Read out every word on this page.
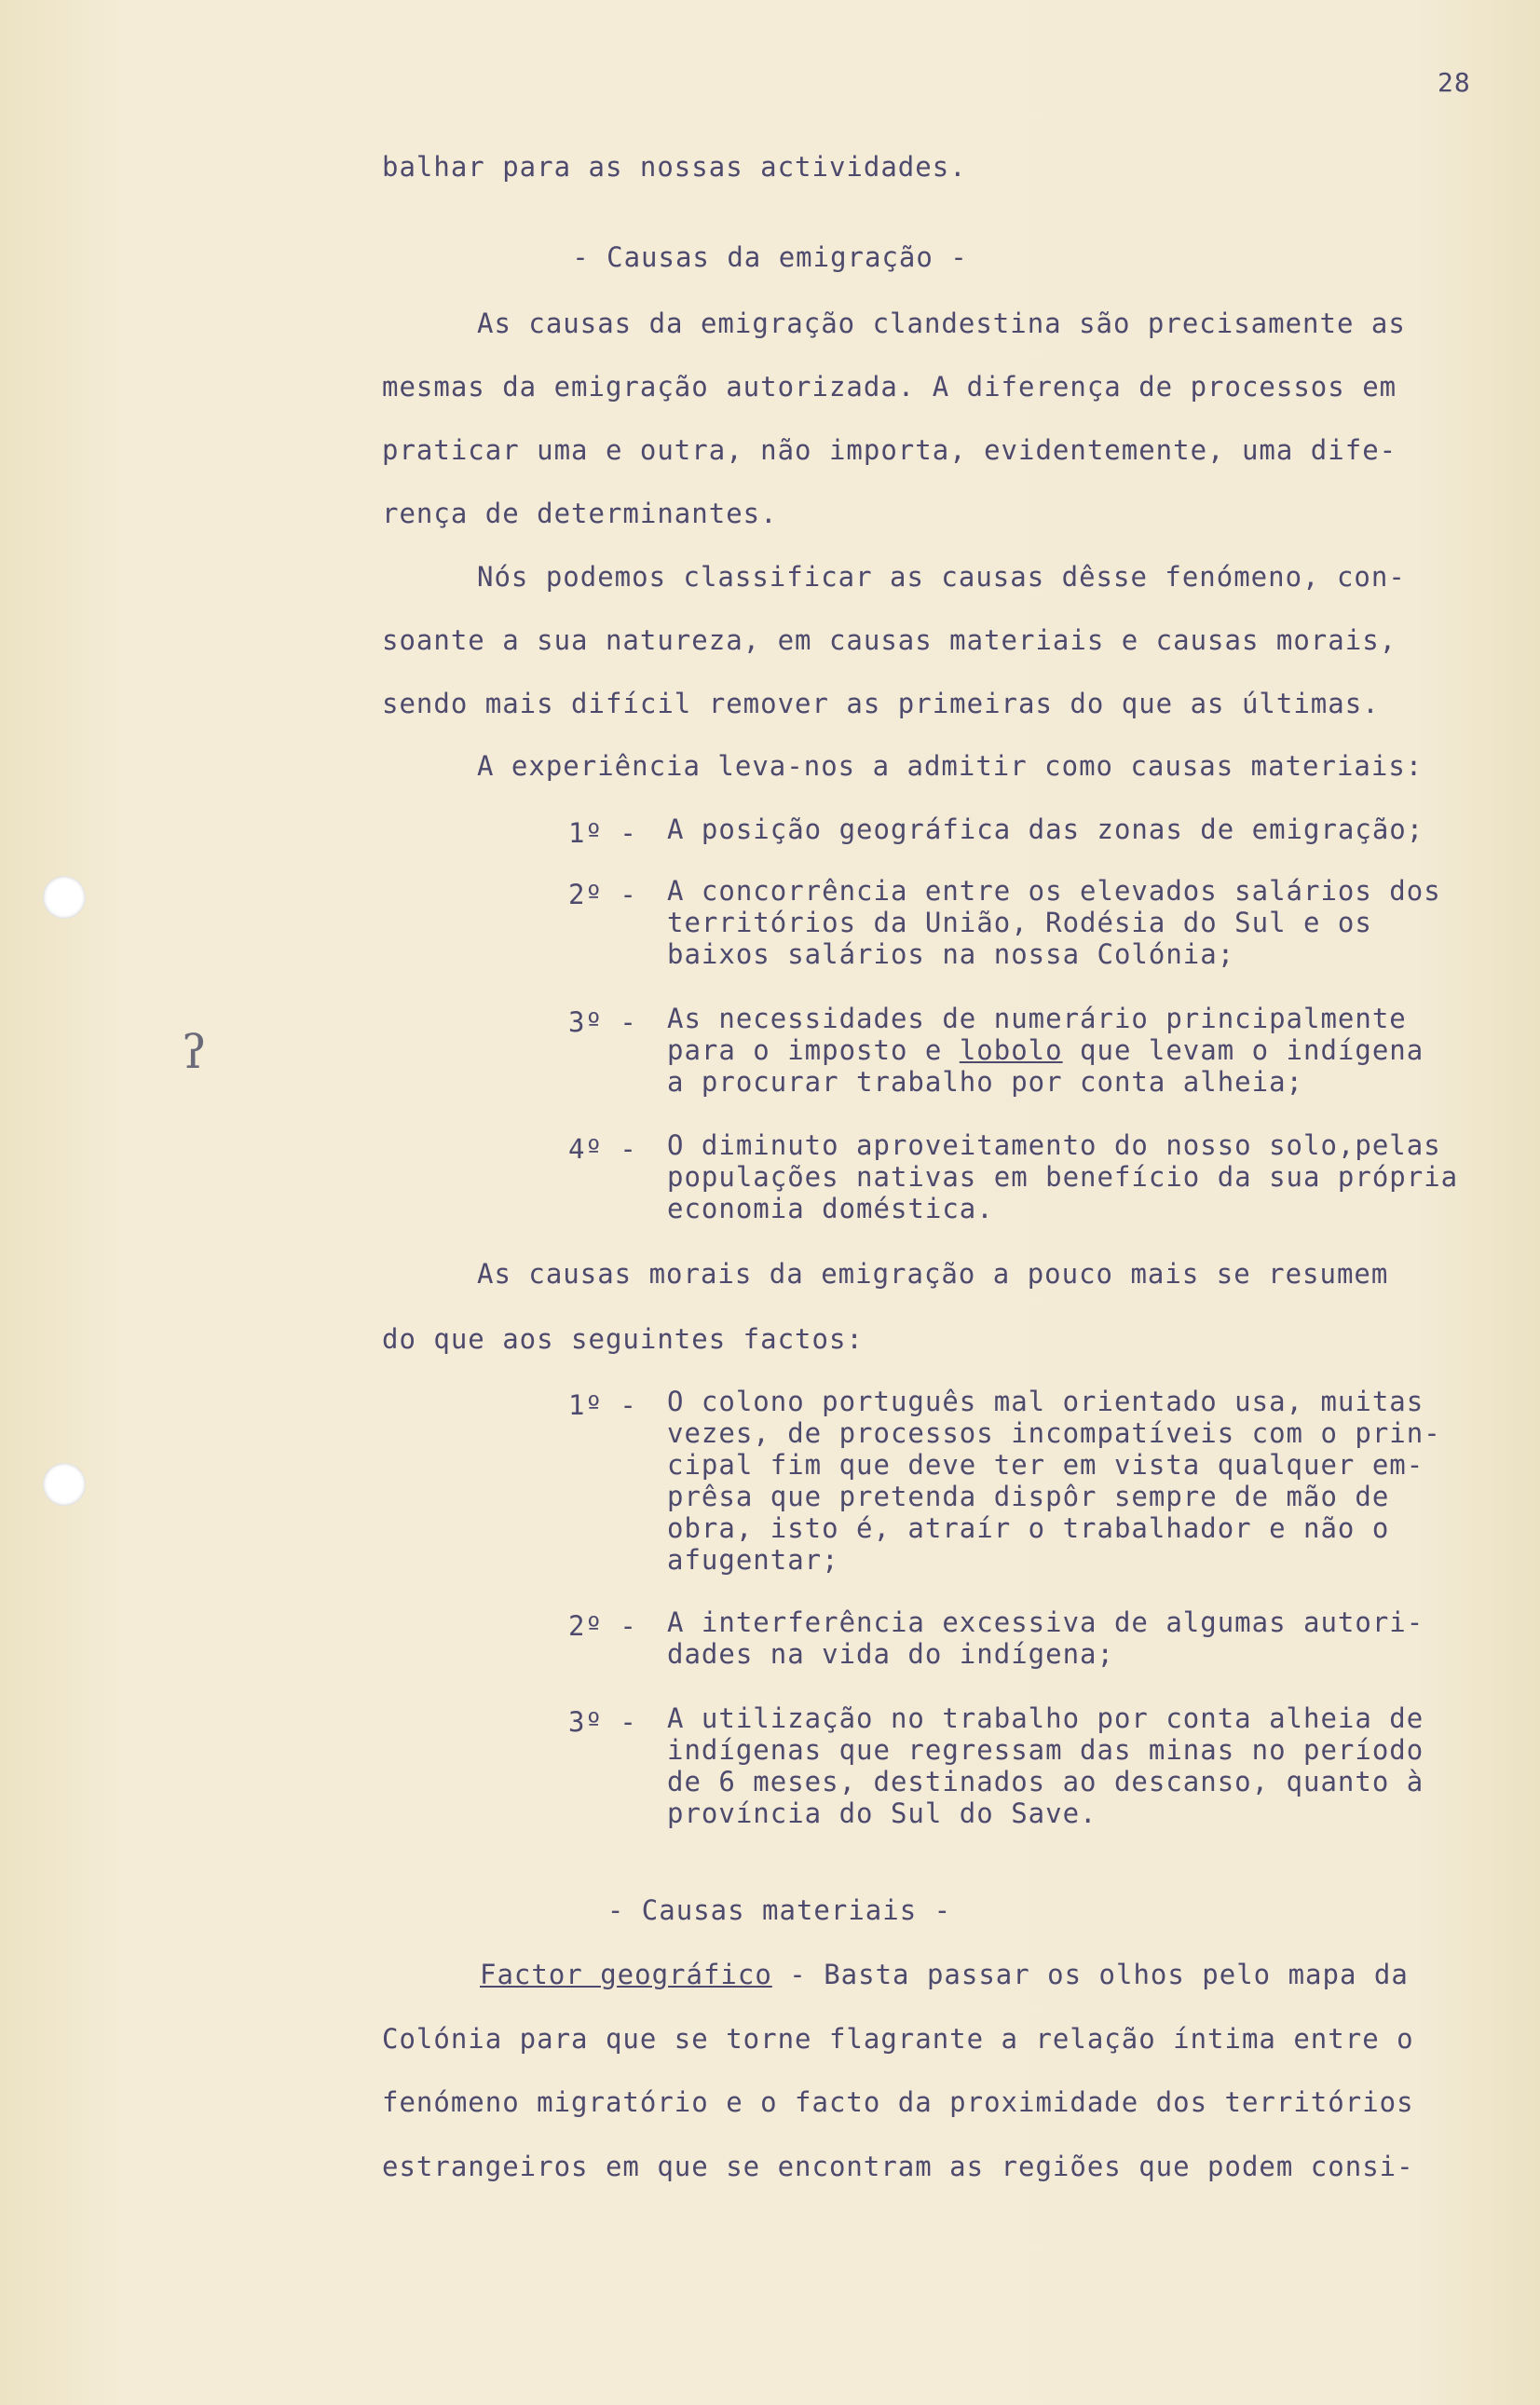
ʔ
28
balhar para as nossas actividades.
- Causas da emigração -
As causas da emigração clandestina são precisamente as
mesmas da emigração autorizada. A diferença de processos em
praticar uma e outra, não importa, evidentemente, uma dife-
rença de determinantes.
Nós podemos classificar as causas dêsse fenómeno, con-
soante a sua natureza, em causas materiais e causas morais,
sendo mais difícil remover as primeiras do que as últimas.
A experiência leva-nos a admitir como causas materiais:
1º - A posição geográfica das zonas de emigração;
2º - A concorrência entre os elevados salários dos
territórios da União, Rodésia do Sul e os
baixos salários na nossa Colónia;
3º - As necessidades de numerário principalmente
para o imposto e lobolo que levam o indígena
a procurar trabalho por conta alheia;
4º - O diminuto aproveitamento do nosso solo,pelas
populações nativas em benefício da sua própria
economia doméstica.
As causas morais da emigração a pouco mais se resumem
do que aos seguintes factos:
1º - O colono português mal orientado usa, muitas
vezes, de processos incompatíveis com o prin-
cipal fim que deve ter em vista qualquer em-
prêsa que pretenda dispôr sempre de mão de
obra, isto é, atraír o trabalhador e não o
afugentar;
2º - A interferência excessiva de algumas autori-
dades na vida do indígena;
3º - A utilização no trabalho por conta alheia de
indígenas que regressam das minas no período
de 6 meses, destinados ao descanso, quanto à
província do Sul do Save.
- Causas materiais -
Factor geográfico - Basta passar os olhos pelo mapa da
Colónia para que se torne flagrante a relação íntima entre o
fenómeno migratório e o facto da proximidade dos territórios
estrangeiros em que se encontram as regiões que podem consi-
